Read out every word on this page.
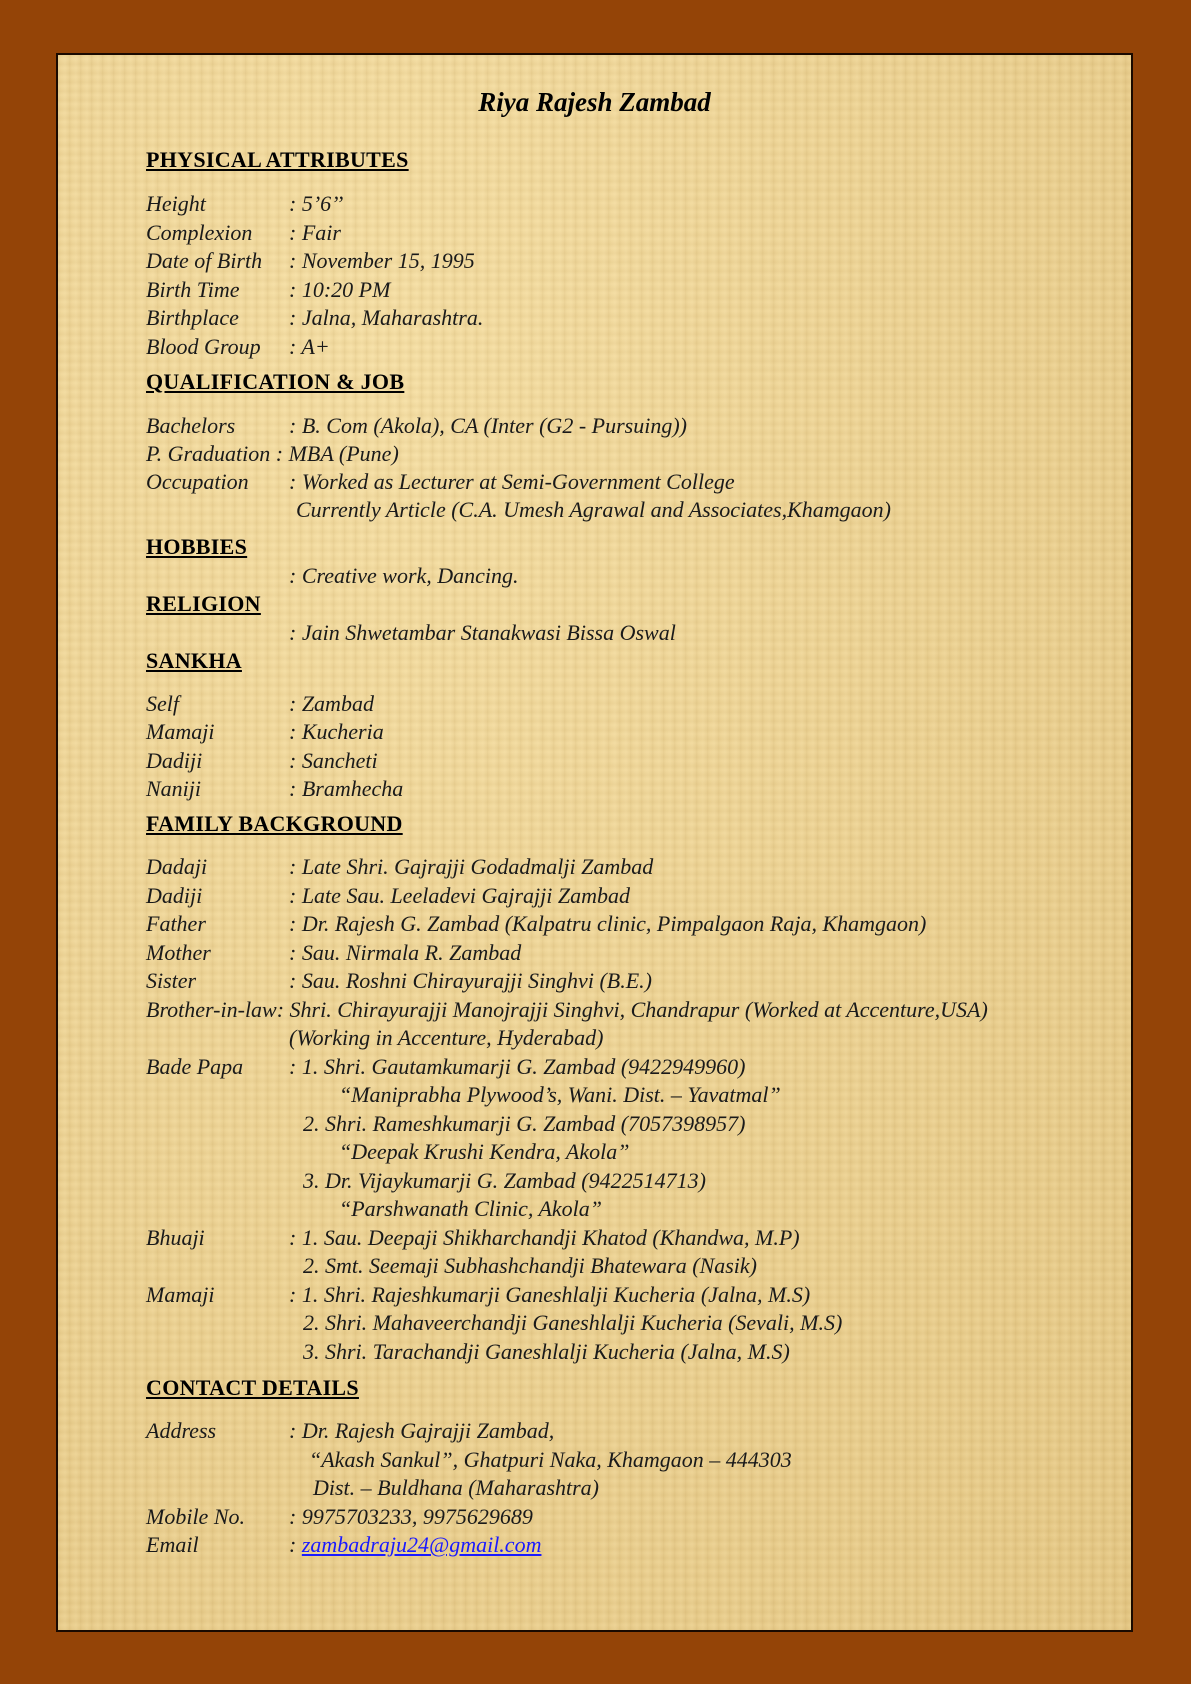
Riya Rajesh Zambad
PHYSICAL ATTRIBUTES
Height	: 5’6’’
Complexion : Fair
Date of Birth : November 15, 1995
Birth Time : 10:20 PM
Birthplace : Jalna, Maharashtra.
Blood Group : A+
QUALIFICATION & JOB
Bachelors : B. Com (Akola), CA (Inter (G2 - Pursuing))
P. Graduation : MBA (Pune)
Occupation : Worked as Lecturer at Semi-Government College
Currently Article (C.A. Umesh Agrawal and Associates,Khamgaon)
HOBBIES
: Creative work, Dancing.
RELIGION
: Jain Shwetambar Stanakwasi Bissa Oswal
SANKHA
Self	: Zambad
Mamaji	: Kucheria
Dadiji	: Sancheti
Naniji	: Bramhecha
FAMILY BACKGROUND
Dadaji	: Late Shri. Gajrajji Godadmalji Zambad
Dadiji	: Late Sau. Leeladevi Gajrajji Zambad
Father	: Dr. Rajesh G. Zambad (Kalpatru clinic, Pimpalgaon Raja, Khamgaon)
Mother	: Sau. Nirmala R. Zambad
Sister	: Sau. Roshni Chirayurajji Singhvi (B.E.)
Brother-in-law: Shri. Chirayurajji Manojrajji Singhvi, Chandrapur (Worked at Accenture,USA)
(Working in Accenture, Hyderabad)
Bade Papa : 1. Shri. Gautamkumarji G. Zambad (9422949960)
“Maniprabha Plywood’s, Wani. Dist. – Yavatmal”
2. Shri. Rameshkumarji G. Zambad (7057398957)
“Deepak Krushi Kendra, Akola”
3. Dr. Vijaykumarji G. Zambad (9422514713)
“Parshwanath Clinic, Akola”
Bhuaji	: 1. Sau. Deepaji Shikharchandji Khatod (Khandwa, M.P)
2. Smt. Seemaji Subhashchandji Bhatewara (Nasik)
Mamaji	: 1. Shri. Rajeshkumarji Ganeshlalji Kucheria (Jalna, M.S)
2. Shri. Mahaveerchandji Ganeshlalji Kucheria (Sevali, M.S)
3. Shri. Tarachandji Ganeshlalji Kucheria (Jalna, M.S)
CONTACT DETAILS
Address	: Dr. Rajesh Gajrajji Zambad,
“Akash Sankul”, Ghatpuri Naka, Khamgaon – 444303
Dist. – Buldhana (Maharashtra)
Mobile No. : 9975703233, 9975629689
Email	: zambadraju24@gmail.com
